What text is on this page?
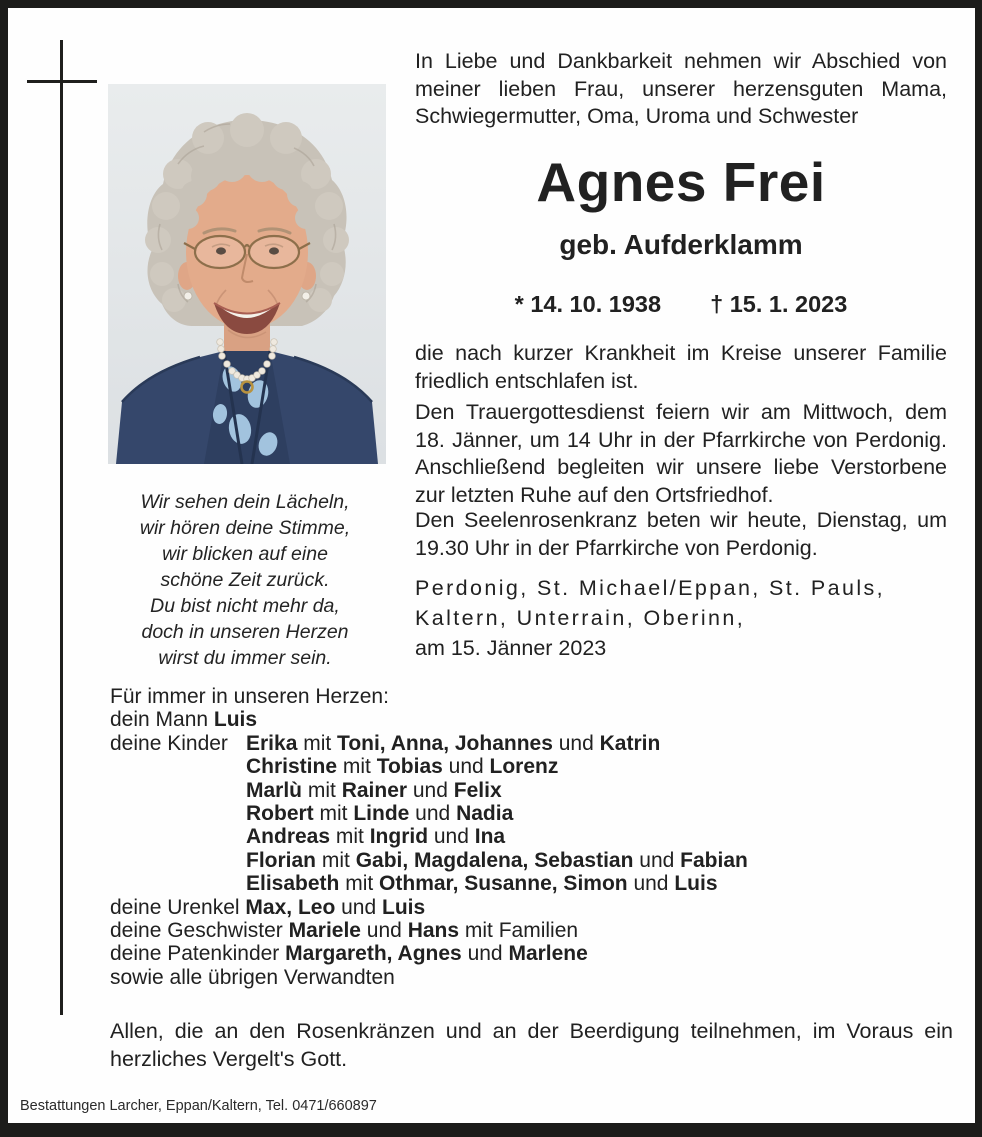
Wir sehen dein Lächeln,
wir hören deine Stimme,
wir blicken auf eine
schöne Zeit zurück.
Du bist nicht mehr da,
doch in unseren Herzen
wirst du immer sein.
In Liebe und Dankbarkeit nehmen wir Abschied von meiner lieben Frau, unserer herzensguten Mama, Schwiegermutter, Oma, Uroma und Schwester
Agnes Frei
geb. Aufderklamm
* 14. 10. 1938 † 15. 1. 2023
die nach kurzer Krankheit im Kreise unserer Familie friedlich entschlafen ist.
Den Trauergottesdienst feiern wir am Mittwoch, dem 18. Jänner, um 14 Uhr in der Pfarrkirche von Perdonig. Anschließend begleiten wir unsere liebe Verstorbene zur letzten Ruhe auf den Ortsfriedhof.
Den Seelenrosenkranz beten wir heute, Dienstag, um 19.30 Uhr in der Pfarrkirche von Perdonig.
Perdonig, St. Michael/Eppan, St. Pauls,
Kaltern, Unterrain, Oberinn,
am 15. Jänner 2023
Für immer in unseren Herzen:
dein Mann Luis
deine Kinder Erika mit Toni, Anna, Johannes und Katrin
Christine mit Tobias und Lorenz
Marlù mit Rainer und Felix
Robert mit Linde und Nadia
Andreas mit Ingrid und Ina
Florian mit Gabi, Magdalena, Sebastian und Fabian
Elisabeth mit Othmar, Susanne, Simon und Luis
deine Urenkel Max, Leo und Luis
deine Geschwister Mariele und Hans mit Familien
deine Patenkinder Margareth, Agnes und Marlene
sowie alle übrigen Verwandten
Allen, die an den Rosenkränzen und an der Beerdigung teilnehmen, im Voraus ein herzliches Vergelt's Gott.
Bestattungen Larcher, Eppan/Kaltern, Tel. 0471/660897
